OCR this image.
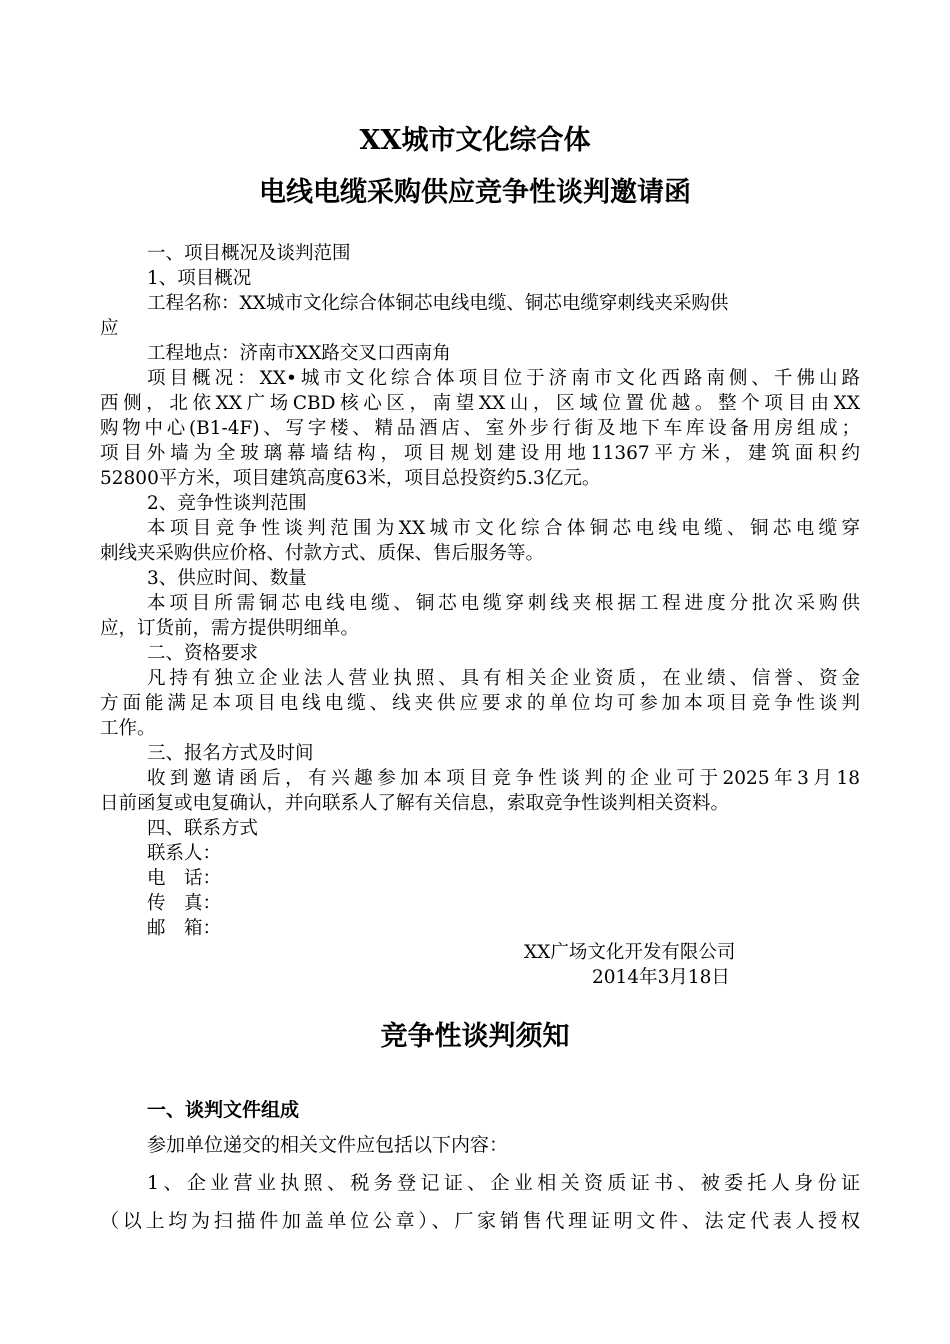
XX城市文化综合体
电线电缆采购供应竞争性谈判邀请函
一、项目概况及谈判范围
1、项目概况
工程名称：XX城市文化综合体铜芯电线电缆、铜芯电缆穿刺线夹采购供
应
工程地点：济南市XX路交叉口西南角
项目概况：XX•城市文化综合体项目位于济南市文化西路南侧、千佛山路
西侧，北依XX广场CBD核心区，南望XX山，区域位置优越。整个项目由XX
购物中心(B1-4F)、写字楼、精品酒店、室外步行街及地下车库设备用房组成；
项目外墙为全玻璃幕墙结构，项目规划建设用地11367平方米，建筑面积约
52800平方米，项目建筑高度63米，项目总投资约5.3亿元。
2、竞争性谈判范围
本项目竞争性谈判范围为XX城市文化综合体铜芯电线电缆、铜芯电缆穿
刺线夹采购供应价格、付款方式、质保、售后服务等。
3、供应时间、数量
本项目所需铜芯电线电缆、铜芯电缆穿刺线夹根据工程进度分批次采购供
应，订货前，需方提供明细单。
二、资格要求
凡持有独立企业法人营业执照、具有相关企业资质，在业绩、信誉、资金
方面能满足本项目电线电缆、线夹供应要求的单位均可参加本项目竞争性谈判
工作。
三、报名方式及时间
收到邀请函后，有兴趣参加本项目竞争性谈判的企业可于2025年3月18
日前函复或电复确认，并向联系人了解有关信息，索取竞争性谈判相关资料。
四、联系方式
联系人：
电　话：
传　真：
邮　箱：
XX广场文化开发有限公司
2014年3月18日
竞争性谈判须知
一、谈判文件组成
参加单位递交的相关文件应包括以下内容：
1、企业营业执照、税务登记证、企业相关资质证书、被委托人身份证
（以上均为扫描件加盖单位公章）、厂家销售代理证明文件、法定代表人授权
